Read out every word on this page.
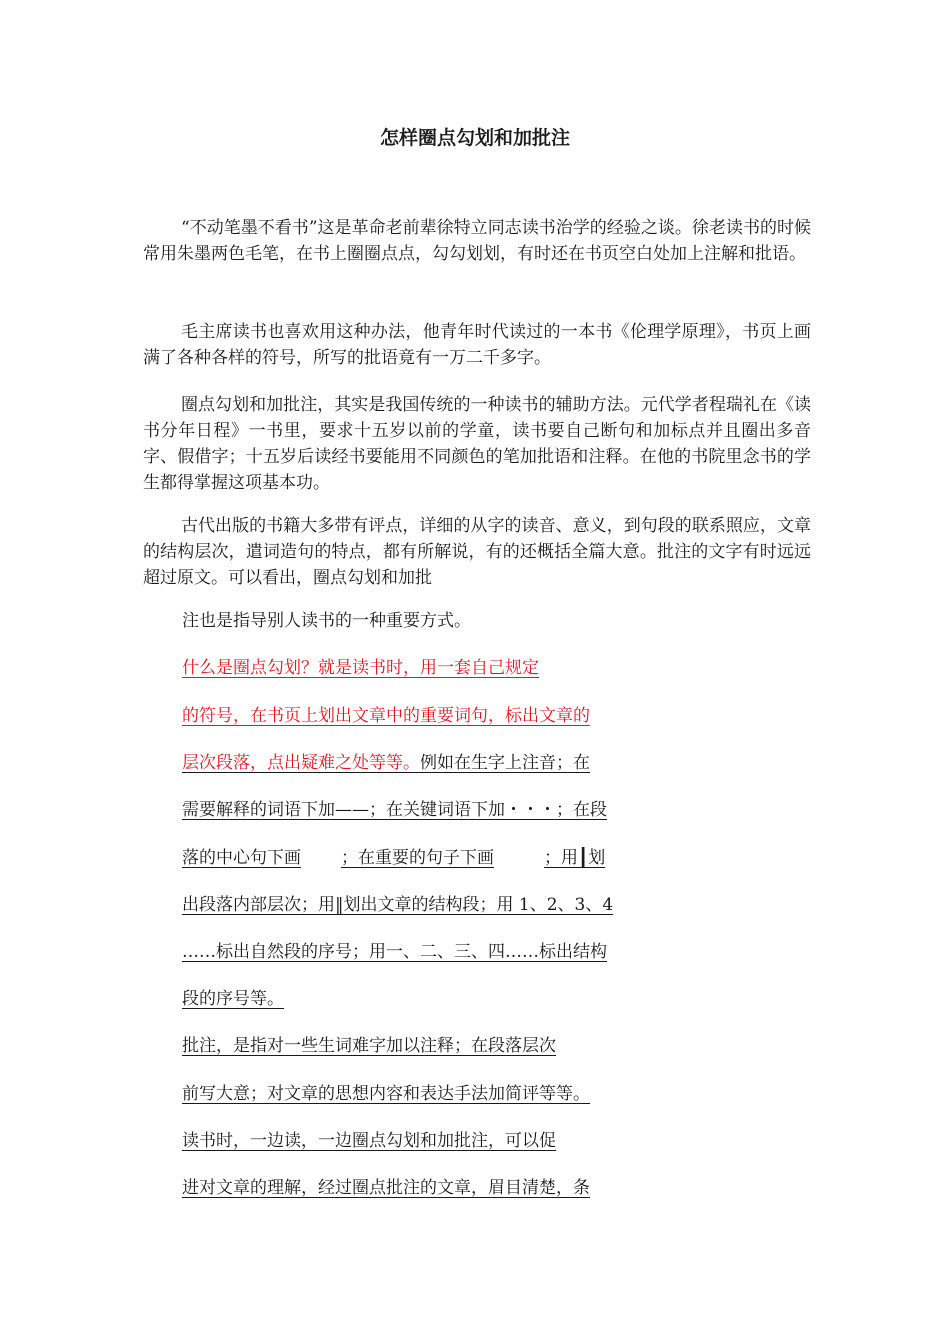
怎样圈点勾划和加批注

“不动笔墨不看书”这是革命老前辈徐特立同志读书治学的经验之谈。徐老读书的时候常用朱墨两色毛笔，在书上圈圈点点，勾勾划划，有时还在书页空白处加上注解和批语。

毛主席读书也喜欢用这种办法，他青年时代读过的一本书《伦理学原理》，书页上画满了各种各样的符号，所写的批语竟有一万二千多字。

圈点勾划和加批注，其实是我国传统的一种读书的辅助方法。元代学者程瑞礼在《读书分年日程》一书里，要求十五岁以前的学童，读书要自己断句和加标点并且圈出多音字、假借字；十五岁后读经书要能用不同颜色的笔加批语和注释。在他的书院里念书的学生都得掌握这项基本功。

古代出版的书籍大多带有评点，详细的从字的读音、意义，到句段的联系照应，文章的结构层次，遣词造句的特点，都有所解说，有的还概括全篇大意。批注的文字有时远远超过原文。可以看出，圈点勾划和加批

注也是指导别人读书的一种重要方式。
什么是圈点勾划？就是读书时，用一套自己规定
的符号，在书页上划出文章中的重要词句，标出文章的
层次段落，点出疑难之处等等。例如在生字上注音；在
需要解释的词语下加——；在关键词语下加・・・；在段
落的中心句下画 ；在重要的句子下画	；用┃划
出段落内部层次；用‖划出文章的结构段；用 1、2、3、4
……标出自然段的序号；用一、二、三、四……标出结构
段的序号等。
批注，是指对一些生词难字加以注释；在段落层次
前写大意；对文章的思想内容和表达手法加简评等等。
读书时，一边读，一边圈点勾划和加批注，可以促
进对文章的理解，经过圈点批注的文章，眉目清楚，条
